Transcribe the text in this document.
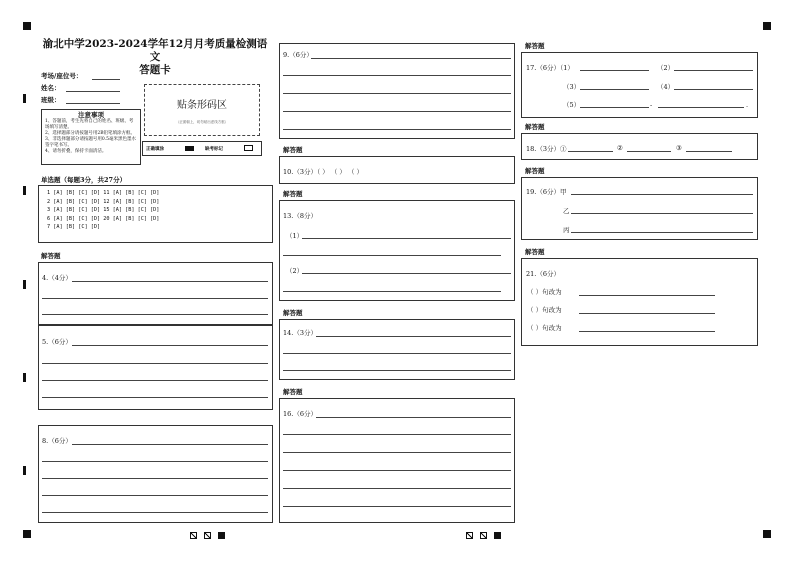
渝北中学2023-2024学年12月月考质量检测语文
答题卡
考场/座位号：
姓名：
班级：
注意事项

1、答题前，考生先将自己的姓名、班级、考场填写清楚。

2、选择题部分请按题号用2B铅笔填涂方框。

3、非选择题部分请按题号用0.5毫米黑色墨水签字笔书写。

4、请勿折叠，保持卡面清洁。

贴条形码区
（正面朝上，切勿贴出虚线方框）
正确填涂	缺考标记
单选题（每题3分，共27分）
1 [A] [B] [C] [D] 11 [A] [B] [C] [D]
2 [A] [B] [C] [D] 12 [A] [B] [C] [D]
3 [A] [B] [C] [D] 15 [A] [B] [C] [D]
6 [A] [B] [C] [D] 20 [A] [B] [C] [D]
7 [A] [B] [C] [D]
解答题
4.（4分）
5.（6分）
8.（6分）
9.（6分）
解答题
10.（3分）（ ） （ ） （ ）
解答题
13.（8分）
（1）
（2）
解答题
14.（3分）
解答题
16.（6分）
解答题
17.（6分）（1）	（2）
（3）	（4）
（5）	-	.
解答题
18.（3分）①	②	③
解答题
19.（6分）甲
乙
丙
解答题
21.（6分）
（ ）句改为
（ ）句改为
（ ）句改为
